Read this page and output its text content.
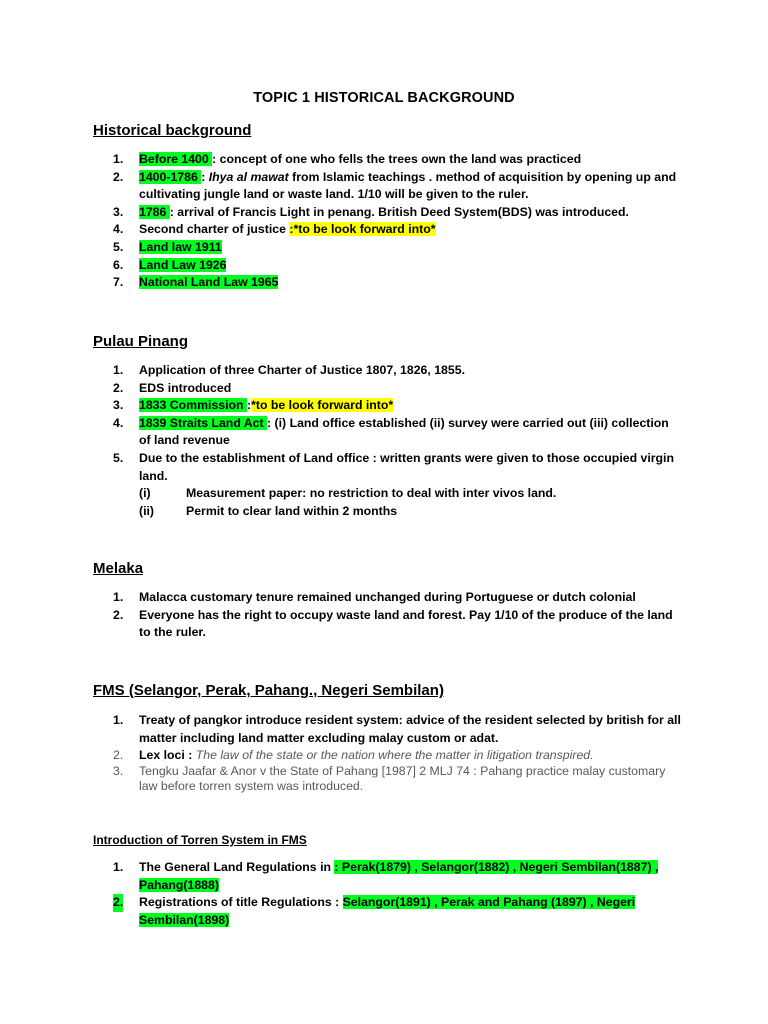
TOPIC 1 HISTORICAL BACKGROUND
Historical background
1. Before 1400 : concept of one who fells the trees own the land was practiced
2. 1400-1786 : Ihya al mawat from Islamic teachings . method of acquisition by opening up and cultivating jungle land or waste land. 1/10 will be given to the ruler.
3. 1786 : arrival of Francis Light in penang. British Deed System(BDS) was introduced.
4. Second charter of justice :*to be look forward into*
5. Land law 1911
6. Land Law 1926
7. National Land Law 1965
Pulau Pinang
1. Application of three Charter of Justice 1807, 1826, 1855.
2. EDS introduced
3. 1833 Commission :*to be look forward into*
4. 1839 Straits Land Act : (i) Land office established (ii) survey were carried out (iii) collection of land revenue
5. Due to the establishment of Land office : written grants were given to those occupied virgin land.
(i)	Measurement paper: no restriction to deal with inter vivos land.
(ii)	Permit to clear land within 2 months
Melaka
1. Malacca customary tenure remained unchanged during Portuguese or dutch colonial
2. Everyone has the right to occupy waste land and forest. Pay 1/10 of the produce of the land to the ruler.
FMS (Selangor, Perak, Pahang., Negeri Sembilan)
1. Treaty of pangkor introduce resident system: advice of the resident selected by british for all matter including land matter excluding malay custom or adat.
2. Lex loci : The law of the state or the nation where the matter in litigation transpired.
3. Tengku Jaafar & Anor v the State of Pahang [1987] 2 MLJ 74 : Pahang practice malay customary law before torren system was introduced.
Introduction of Torren System in FMS
1. The General Land Regulations in : Perak(1879) , Selangor(1882) , Negeri Sembilan(1887) , Pahang(1888)
2. Registrations of title Regulations : Selangor(1891) , Perak and Pahang (1897) , Negeri Sembilan(1898)
